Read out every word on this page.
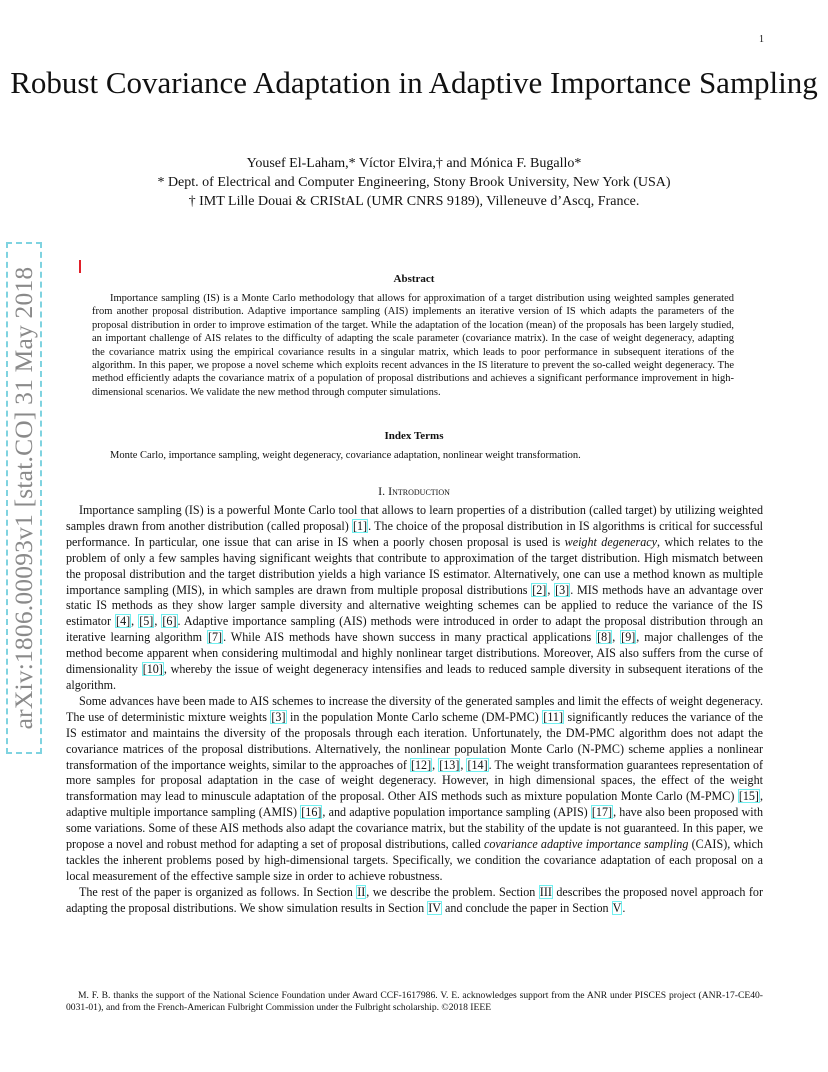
1
arXiv:1806.00093v1 [stat.CO] 31 May 2018
Robust Covariance Adaptation in Adaptive Importance Sampling
Yousef El-Laham,* Víctor Elvira,† and Mónica F. Bugallo*
* Dept. of Electrical and Computer Engineering, Stony Brook University, New York (USA)
† IMT Lille Douai & CRIStAL (UMR CNRS 9189), Villeneuve d’Ascq, France.
Abstract

Importance sampling (IS) is a Monte Carlo methodology that allows for approximation of a target distribution using weighted samples generated from another proposal distribution. Adaptive importance sampling (AIS) implements an iterative version of IS which adapts the parameters of the proposal distribution in order to improve estimation of the target. While the adaptation of the location (mean) of the proposals has been largely studied, an important challenge of AIS relates to the difficulty of adapting the scale parameter (covariance matrix). In the case of weight degeneracy, adapting the covariance matrix using the empirical covariance results in a singular matrix, which leads to poor performance in subsequent iterations of the algorithm. In this paper, we propose a novel scheme which exploits recent advances in the IS literature to prevent the so-called weight degeneracy. The method efficiently adapts the covariance matrix of a population of proposal distributions and achieves a significant performance improvement in high-dimensional scenarios. We validate the new method through computer simulations.

Index Terms

Monte Carlo, importance sampling, weight degeneracy, covariance adaptation, nonlinear weight transformation.

I. Introduction

Importance sampling (IS) is a powerful Monte Carlo tool that allows to learn properties of a distribution (called target) by utilizing weighted samples drawn from another distribution (called proposal) [1]. The choice of the proposal distribution in IS algorithms is critical for successful performance. In particular, one issue that can arise in IS when a poorly chosen proposal is used is weight degeneracy, which relates to the problem of only a few samples having significant weights that contribute to approximation of the target distribution. High mismatch between the proposal distribution and the target distribution yields a high variance IS estimator. Alternatively, one can use a method known as multiple importance sampling (MIS), in which samples are drawn from multiple proposal distributions [2], [3]. MIS methods have an advantage over static IS methods as they show larger sample diversity and alternative weighting schemes can be applied to reduce the variance of the IS estimator [4], [5], [6]. Adaptive importance sampling (AIS) methods were introduced in order to adapt the proposal distribution through an iterative learning algorithm [7]. While AIS methods have shown success in many practical applications [8], [9], major challenges of the method become apparent when considering multimodal and highly nonlinear target distributions. Moreover, AIS also suffers from the curse of dimensionality [10], whereby the issue of weight degeneracy intensifies and leads to reduced sample diversity in subsequent iterations of the algorithm.

Some advances have been made to AIS schemes to increase the diversity of the generated samples and limit the effects of weight degeneracy. The use of deterministic mixture weights [3] in the population Monte Carlo scheme (DM-PMC) [11] significantly reduces the variance of the IS estimator and maintains the diversity of the proposals through each iteration. Unfortunately, the DM-PMC algorithm does not adapt the covariance matrices of the proposal distributions. Alternatively, the nonlinear population Monte Carlo (N-PMC) scheme applies a nonlinear transformation of the importance weights, similar to the approaches of [12], [13], [14]. The weight transformation guarantees representation of more samples for proposal adaptation in the case of weight degeneracy. However, in high dimensional spaces, the effect of the weight transformation may lead to minuscule adaptation of the proposal. Other AIS methods such as mixture population Monte Carlo (M-PMC) [15], adaptive multiple importance sampling (AMIS) [16], and adaptive population importance sampling (APIS) [17], have also been proposed with some variations. Some of these AIS methods also adapt the covariance matrix, but the stability of the update is not guaranteed. In this paper, we propose a novel and robust method for adapting a set of proposal distributions, called covariance adaptive importance sampling (CAIS), which tackles the inherent problems posed by high-dimensional targets. Specifically, we condition the covariance adaptation of each proposal on a local measurement of the effective sample size in order to achieve robustness.

The rest of the paper is organized as follows. In Section II, we describe the problem. Section III describes the proposed novel approach for adapting the proposal distributions. We show simulation results in Section IV and conclude the paper in Section V.

M. F. B. thanks the support of the National Science Foundation under Award CCF-1617986. V. E. acknowledges support from the ANR under PISCES project (ANR-17-CE40-0031-01), and from the French-American Fulbright Commission under the Fulbright scholarship. ©2018 IEEE
